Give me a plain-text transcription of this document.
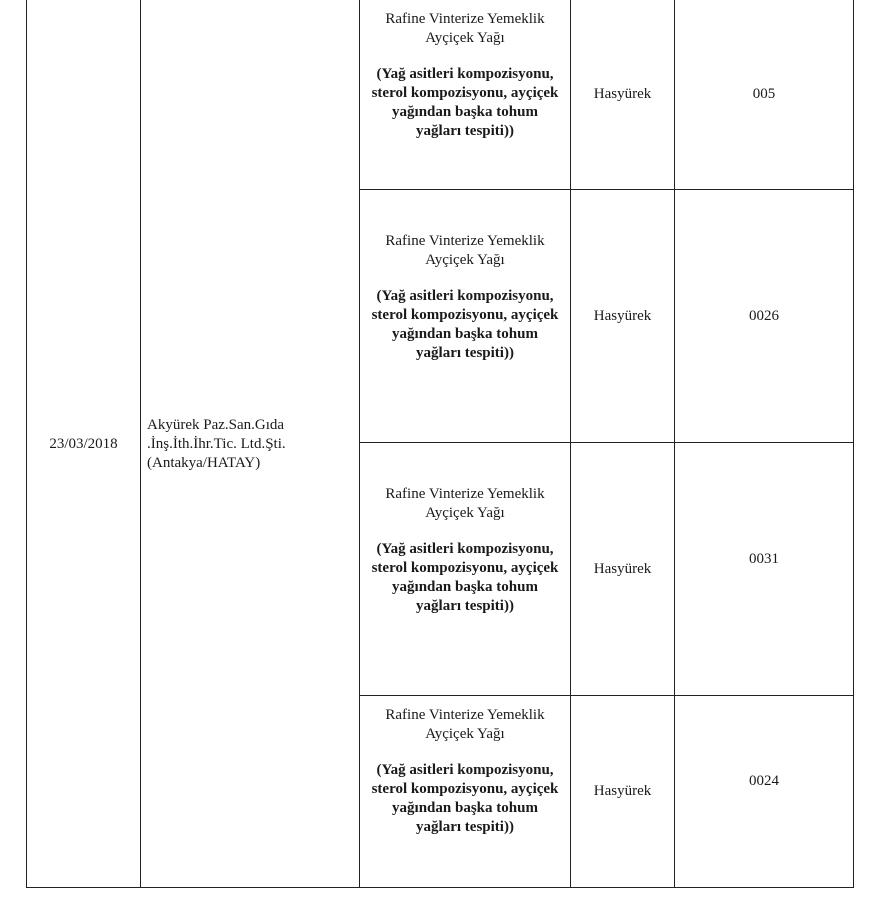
23/03/2018
Akyürek Paz.San.Gıda
.İnş.İth.İhr.Tic. Ltd.Şti.
(Antakya/HATAY)
Rafine Vinterize Yemeklik Ayçiçek Yağı
(Yağ asitleri kompozisyonu, sterol kompozisyonu, ayçiçek yağından başka tohum yağları tespiti))
Hasyürek	005
Rafine Vinterize Yemeklik Ayçiçek Yağı
(Yağ asitleri kompozisyonu, sterol kompozisyonu, ayçiçek yağından başka tohum yağları tespiti))
Hasyürek	0026
Rafine Vinterize Yemeklik Ayçiçek Yağı
(Yağ asitleri kompozisyonu, sterol kompozisyonu, ayçiçek yağından başka tohum yağları tespiti))
Hasyürek
0031
Rafine Vinterize Yemeklik Ayçiçek Yağı
(Yağ asitleri kompozisyonu, sterol kompozisyonu, ayçiçek yağından başka tohum yağları tespiti))
Hasyürek
0024
